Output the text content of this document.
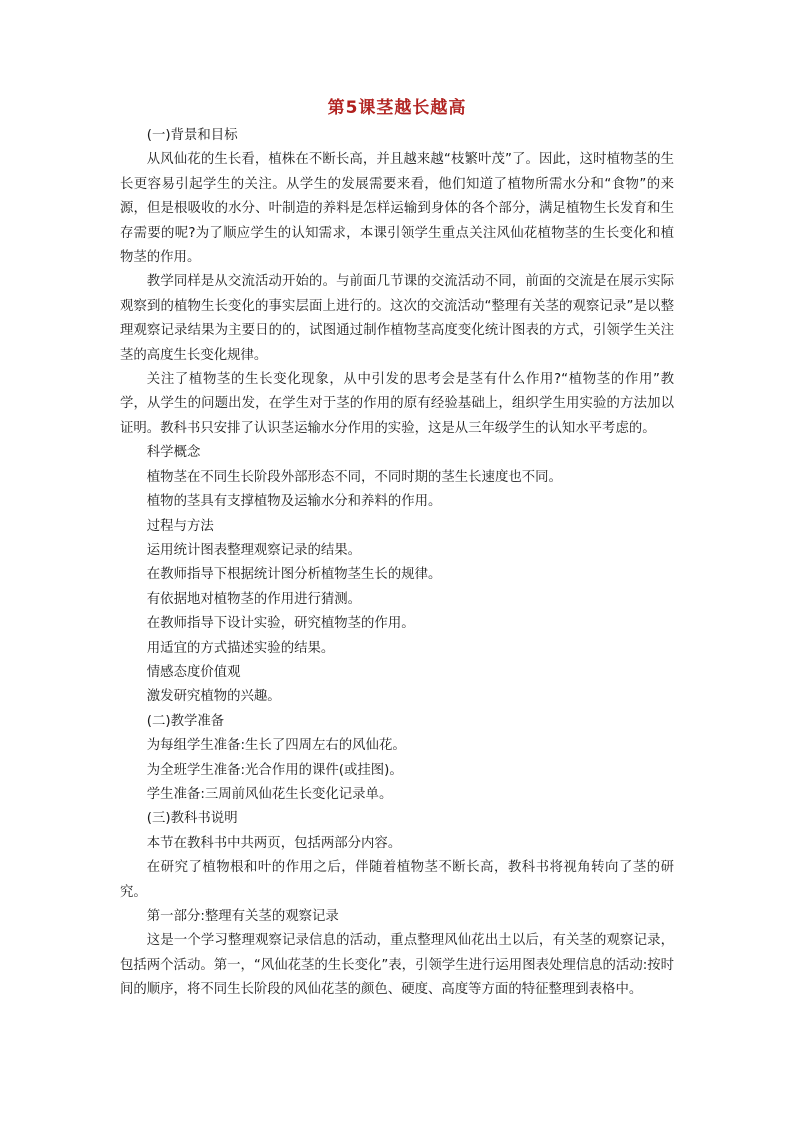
第5课茎越长越高

(一)背景和目标

从风仙花的生长看，植株在不断长高，并且越来越“枝繁叶茂”了。因此，这时植物茎的生长更容易引起学生的关注。从学生的发展需要来看，他们知道了植物所需水分和“食物”的来源，但是根吸收的水分、叶制造的养料是怎样运输到身体的各个部分，满足植物生长发育和生存需要的呢?为了顺应学生的认知需求，本课引领学生重点关注风仙花植物茎的生长变化和植物茎的作用。

教学同样是从交流活动开始的。与前面几节课的交流活动不同，前面的交流是在展示实际观察到的植物生长变化的事实层面上进行的。这次的交流活动“整理有关茎的观察记录”是以整理观察记录结果为主要日的的，试图通过制作植物茎高度变化统计图表的方式，引领学生关注茎的高度生长变化规律。

关注了植物茎的生长变化现象，从中引发的思考会是茎有什么作用?“植物茎的作用”教学，从学生的问题出发，在学生对于茎的作用的原有经验基础上，组织学生用实验的方法加以证明。教科书只安排了认识茎运输水分作用的实验，这是从三年级学生的认知水平考虑的。

科学概念

植物茎在不同生长阶段外部形态不同，不同时期的茎生长速度也不同。

植物的茎具有支撑植物及运输水分和养料的作用。

过程与方法

运用统计图表整理观察记录的结果。

在教师指导下根据统计图分析植物茎生长的规律。

有依据地对植物茎的作用进行猜测。

在教师指导下设计实验，研究植物茎的作用。

用适宜的方式描述实验的结果。

情感态度价值观

激发研究植物的兴趣。

(二)教学准备

为每组学生准备:生长了四周左右的风仙花。

为全班学生准备:光合作用的课件(或挂图)。

学生准备:三周前风仙花生长变化记录单。

(三)教科书说明

本节在教科书中共两页，包括两部分内容。

在研究了植物根和叶的作用之后，伴随着植物茎不断长高，教科书将视角转向了茎的研究。

第一部分:整理有关茎的观察记录

这是一个学习整理观察记录信息的活动，重点整理风仙花出土以后，有关茎的观察记录，包括两个活动。第一，“风仙花茎的生长变化”表，引领学生进行运用图表处理信息的活动:按时间的顺序，将不同生长阶段的风仙花茎的颜色、硬度、高度等方面的特征整理到表格中。
